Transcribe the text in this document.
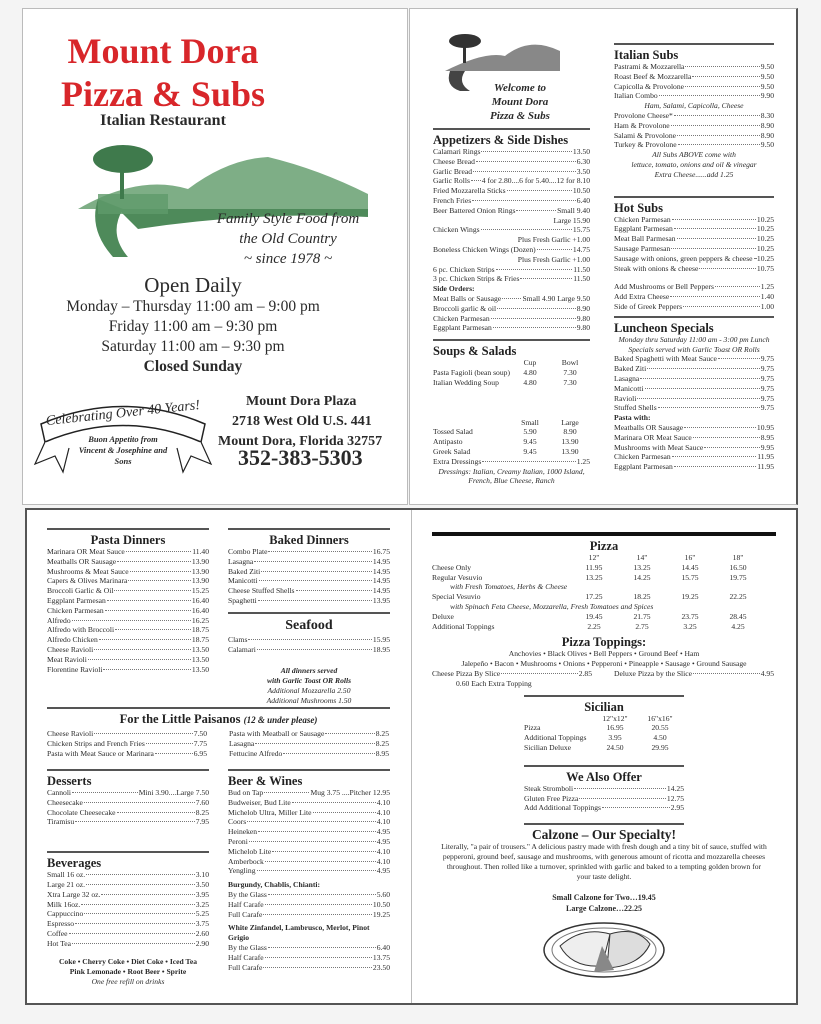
Mount Dora
Pizza & Subs
Italian Restaurant
Family Style Food from
the Old Country
~ since 1978 ~
Open Daily
Monday – Thursday 11:00 am – 9:00 pm
Friday 11:00 am – 9:30 pm
Saturday 11:00 am – 9:30 pm
Closed Sunday
Celebrating Over 40 Years!
Buon Appetito from
Vincent & Josephine and
Sons
Mount Dora Plaza
2718 West Old U.S. 441
Mount Dora, Florida 32757
352-383-5303
Welcome to
Mount Dora
Pizza & Subs
Appetizers & Side Dishes
Calamari Rings	13.50
Cheese Bread	6.30
Garlic Bread	3.50
Garlic Rolls 4 for 2.80....6 for 5.40....12 for 8.10
Fried Mozzarella Sticks	10.50
French Fries	6.40
Beer Battered Onion Rings	Small 9.40
Large 15.90
Chicken Wings	15.75
Plus Fresh Garlic +1.00
Boneless Chicken Wings (Dozen)	14.75
Plus Fresh Garlic +1.00
6 pc. Chicken Strips	11.50
3 pc. Chicken Strips & Fries	11.50
Side Orders:
Meat Balls or Sausage	Small 4.90 Large 9.50
Broccoli garlic & oil	8.90
Chicken Parmesan	9.80
Eggplant Parmesan	9.80
Soups & Salads
Cup	Bowl
Pasta Fagioli (bean soup)	4.80	7.30
Italian Wedding Soup	4.80	7.30
Small	Large
Tossed Salad	5.90	8.90
Antipasto	9.45	13.90
Greek Salad	9.45	13.90
Extra Dressings	1.25
Dressings: Italian, Creamy Italian, 1000 Island,
French, Blue Cheese, Ranch
Italian Subs
Pastrami & Mozzarella	9.50
Roast Beef & Mozzarella	9.50
Capicolla & Provolone	9.50
Italian Combo	9.90
Ham, Salami, Capicolla, Cheese
Provolone Cheese*	8.30
Ham & Provolone	8.90
Salami & Provolone	8.90
Turkey & Provolone	9.50
All Subs ABOVE come with
lettuce, tomato, onions and oil & vinegar
Extra Cheese......add 1.25
Hot Subs
Chicken Parmesan	10.25
Eggplant Parmesan	10.25
Meat Ball Parmesan	10.25
Sausage Parmesan	10.25
Sausage with onions, green peppers & cheese 10.25
Steak with onions & cheese	10.75
Add Mushrooms or Bell Peppers	1.25
Add Extra Cheese	1.40
Side of Greek Peppers	1.00
Luncheon Specials
Monday thru Saturday 11:00 am - 3:00 pm Lunch
Specials served with Garlic Toast OR Rolls
Baked Spaghetti with Meat Sauce	9.75
Baked Ziti	9.75
Lasagna	9.75
Manicotti	9.75
Ravioli	9.75
Stuffed Shells	9.75
Pasta with:
Meatballs OR Sausage	10.95
Marinara OR Meat Sauce	8.95
Mushrooms with Meat Sauce	9.95
Chicken Parmesan	11.95
Eggplant Parmesan	11.95
Pasta Dinners
Marinara OR Meat Sauce	11.40
Meatballs OR Sausage	13.90
Mushrooms & Meat Sauce	13.90
Capers & Olives Marinara	13.90
Broccoli Garlic & Oil	15.25
Eggplant Parmesan	16.40
Chicken Parmesan	16.40
Alfredo	16.25
Alfredo with Broccoli	18.75
Alfredo Chicken	18.75
Cheese Ravioli	13.50
Meat Ravioli	13.50
Florentine Ravioli	13.50
Baked Dinners
Combo Plate	16.75
Lasagna	14.95
Baked Ziti	14.95
Manicotti	14.95
Cheese Stuffed Shells	14.95
Spaghetti	13.95
Seafood
Clams	15.95
Calamari	18.95
All dinners served
with Garlic Toast OR Rolls
Additional Mozzarella 2.50
Additional Mushrooms 1.50
For the Little Paisanos (12 & under please)
Cheese Ravioli	7.50
Chicken Strips and French Fries	7.75
Pasta with Meat Sauce or Marinara	6.95
Pasta with Meatball or Sausage	8.25
Lasagna	8.25
Fettucine Alfredo	8.95
Desserts
Cannoli	Mini 3.90....Large 7.50
Cheesecake	7.60
Chocolate Cheesecake	8.25
Tiramisu	7.95
Beverages
Small 16 oz.	3.10
Large 21 oz.	3.50
Xtra Large 32 oz.	3.95
Milk 16oz.	3.25
Cappuccino	5.25
Espresso	3.75
Coffee	2.60
Hot Tea	2.90
Coke • Cherry Coke • Diet Coke • Iced Tea
Pink Lemonade • Root Beer • Sprite
One free refill on drinks
Beer & Wines
Bud on Tap	Mug 3.75 ....Pitcher 12.95
Budweiser, Bud Lite	4.10
Michelob Ultra, Miller Lite	4.10
Coors	4.10
Heineken	4.95
Peroni	4.95
Michelob Lite	4.10
Amberbock	4.10
Yengling	4.95
Burgundy, Chablis, Chianti:
By the Glass	5.60
Half Carafe	10.50
Full Carafe	19.25
White Zinfandel, Lambrusco, Merlot, Pinot Grigio
By the Glass	6.40
Half Carafe	13.75
Full Carafe	23.50
Pizza
12"	14"	16"	18"
Cheese Only	11.95	13.25	14.45	16.50
Regular Vesuvio	13.25	14.25	15.75	19.75
with Fresh Tomatoes, Herbs & Cheese
Special Vesuvio	17.25	18.25	19.25	22.25
with Spinach Feta Cheese, Mozzarella, Fresh Tomatoes and Spices
Deluxe	19.45	21.75	23.75	28.45
Additional Toppings	2.25	2.75	3.25	4.25
Pizza Toppings:
Anchovies • Black Olives • Bell Peppers • Ground Beef • Ham
Jalepeño • Bacon • Mushrooms • Onions • Pepperoni • Pineapple • Sausage • Ground Sausage
Cheese Pizza By Slice	2.85	Deluxe Pizza by the Slice	4.95
0.60 Each Extra Topping
Sicilian
12"x12"	16"x16"
Pizza	16.95	20.55
Additional Toppings	3.95	4.50
Sicilian Deluxe	24.50	29.95
We Also Offer
Steak Stromboli	14.25
Gluten Free Pizza	12.75
Add Additional Toppings	2.95
Calzone – Our Specialty!
Literally, "a pair of trousers." A delicious pastry made with fresh dough and a tiny bit of sauce, stuffed with pepperoni, ground beef, sausage and mushrooms, with generous amount of ricotta and mozzarella cheeses throughout. Then rolled like a turnover, sprinkled with garlic and baked to a tempting golden brown for your taste delight.
Small Calzone for Two…19.45
Large Calzone…22.25
